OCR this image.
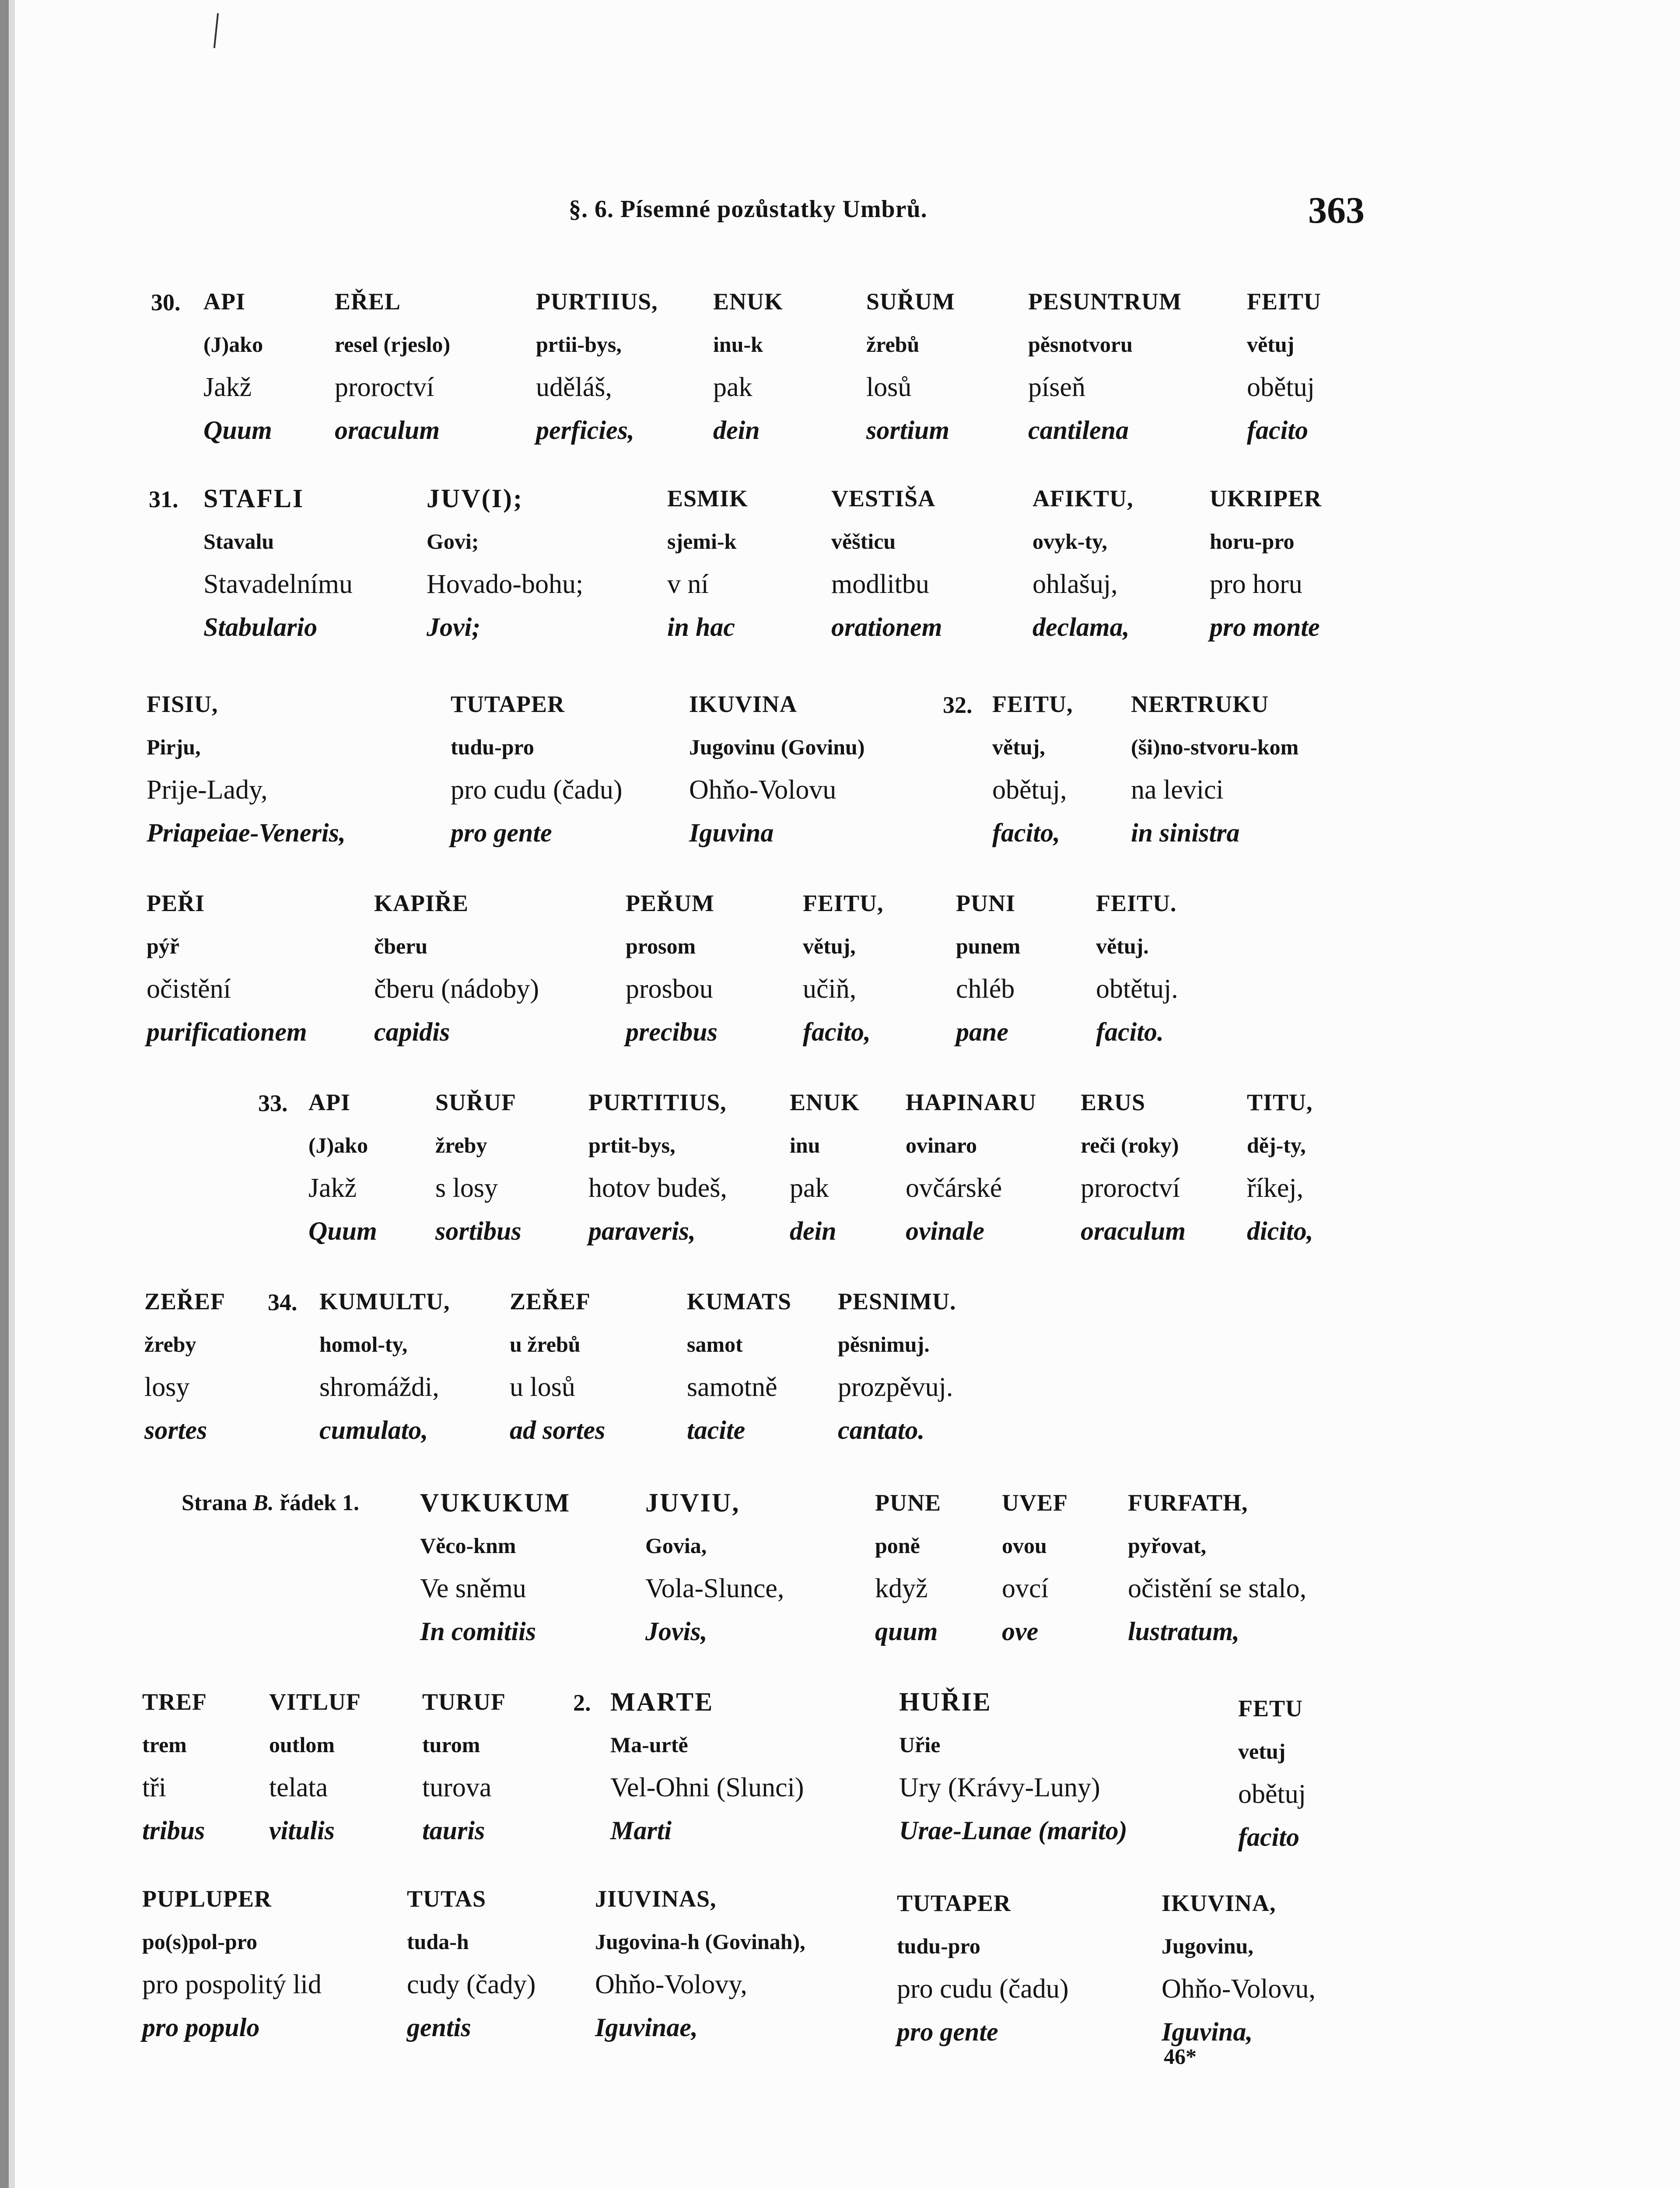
§. 6. Písemné pozůstatky Umbrů.	363
30. API
(J)ako
Jakž
Quum
EŘEL
resel (rjeslo)
proroctví
oraculum
PURTIIUS,
prtii-bys,
uděláš,
perficies,
ENUK
inu-k
pak
dein
SUŘUM
žrebů
losů
sortium
PESUNTRUM
pěsnotvoru
píseň
cantilena
FEITU
větuj
obětuj
facito
31. STAFLI
Stavalu
Stavadelnímu
Stabulario
JUV(I);
Govi;
Hovado-bohu;
Jovi;
ESMIK
sjemi-k
v ní
in hac
VESTIŠA
věšticu
modlitbu
orationem
AFIKTU,
ovyk-ty,
ohlašuj,
declama,
UKRIPER
horu-pro
pro horu
pro monte
FISIU,
Pirju,
Prije-Lady,
Priapeiae-Veneris,
TUTAPER
tudu-pro
pro cudu (čadu)
pro gente
IKUVINA
Jugovinu (Govinu)
Ohňo-Volovu
Iguvina
32. FEITU,
větuj,
obětuj,
facito,
NERTRUKU
(ši)no-stvoru-kom
na levici
in sinistra
PEŘI
pýř
očistění
purificationem
KAPIŘE
čberu
čberu (nádoby)
capidis
PEŘUM
prosom
prosbou
precibus
FEITU,
větuj,
učiň,
facito,
PUNI
punem
chléb
pane
FEITU.
větuj.
obtětuj.
facito.
33. API
(J)ako
Jakž
Quum
SUŘUF
žreby
s losy
sortibus
PURTITIUS,
prtit-bys,
hotov budeš,
paraveris,
ENUK
inu
pak
dein
HAPINARU
ovinaro
ovčárské
ovinale
ERUS
reči (roky)
proroctví
oraculum
TITU,
děj-ty,
říkej,
dicito,
ZEŘEF
žreby
losy
sortes
34. KUMULTU,
homol-ty,
shromáždi,
cumulato,
ZEŘEF
u žrebů
u losů
ad sortes
KUMATS
samot
samotně
tacite
PESNIMU.
pěsnimuj.
prozpěvuj.
cantato.
Strana B. řádek 1. VUKUKUM
Věco-knm
Ve sněmu
In comitiis
JUVIU,
Govia,
Vola-Slunce,
Jovis,
PUNE
poně
když
quum
UVEF
ovou
ovcí
ove
FURFATH,
pyřovat,
očistění se stalo,
lustratum,
TREF
trem
tři
tribus
VITLUF
outlom
telata
vitulis
TURUF
turom
turova
tauris
2. MARTE
Ma-urtě
Vel-Ohni (Slunci)
Marti
HUŘIE
Uřie
Ury (Krávy-Luny)
Urae-Lunae (marito)
FETU
vetuj
obětuj
facito
PUPLUPER
po(s)pol-pro
pro pospolitý lid
pro populo
TUTAS
tuda-h
cudy (čady)
gentis
JIUVINAS,
Jugovina-h (Govinah),
Ohňo-Volovy,
Iguvinae,
TUTAPER
tudu-pro
pro cudu (čadu)
pro gente
IKUVINA,
Jugovinu,
Ohňo-Volovu,
Iguvina,
46*
